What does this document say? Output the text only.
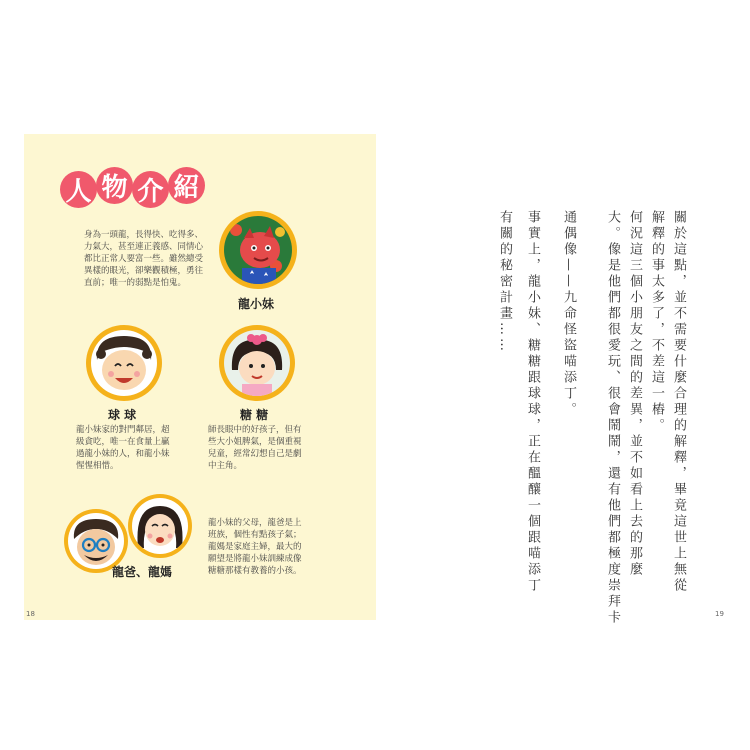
人 物 介 紹
身為一頭龍，長得快、吃得多、
力氣大，甚至連正義感、同情心
都比正常人要富一些。雖然總受
異樣的眼光，卻樂觀積極，勇往
直前；唯一的弱點是怕鬼。
龍小妹
球 球
龍小妹家的對門鄰居，超
級貪吃，唯一在食量上贏
過龍小妹的人，和龍小妹
惺惺相惜。
糖 糖
師長眼中的好孩子，但有
些大小姐脾氣，是個重視
兒童，經常幻想自己是劇
中主角。
龍爸、龍媽
龍小妹的父母，龍爸是上
班族，個性有點孩子氣；
龍媽是家庭主婦，最大的
願望是將龍小妹訓練成像
糖糖那樣有教養的小孩。
18
關於這點，並不需要什麼合理的解釋，畢竟這世上無從
解釋的事太多了，不差這一樁。
何況這三個小朋友之間的差異，並不如看上去的那麼
大。像是他們都很愛玩、很會鬧鬧，還有他們都極度崇拜卡
通偶像——九命怪盜喵添丁。
事實上，龍小妹、糖糖跟球球，正在醞釀一個跟喵添丁
有關的秘密計畫……
19
